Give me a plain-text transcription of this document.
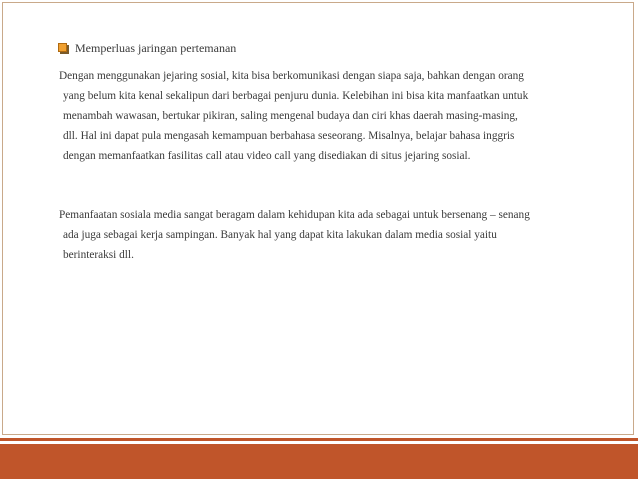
Memperluas jaringan pertemanan
Dengan menggunakan jejaring sosial, kita bisa berkomunikasi dengan siapa saja, bahkan dengan orang
yang belum kita kenal sekalipun dari berbagai penjuru dunia. Kelebihan ini bisa kita manfaatkan untuk
menambah wawasan, bertukar pikiran, saling mengenal budaya dan ciri khas daerah masing-masing,
dll. Hal ini dapat pula mengasah kemampuan berbahasa seseorang. Misalnya, belajar bahasa inggris
dengan memanfaatkan fasilitas call atau video call yang disediakan di situs jejaring sosial.
Pemanfaatan sosiala media sangat beragam dalam kehidupan kita ada sebagai untuk bersenang – senang
ada juga sebagai kerja sampingan. Banyak hal yang dapat kita lakukan dalam media sosial yaitu
berinteraksi dll.
